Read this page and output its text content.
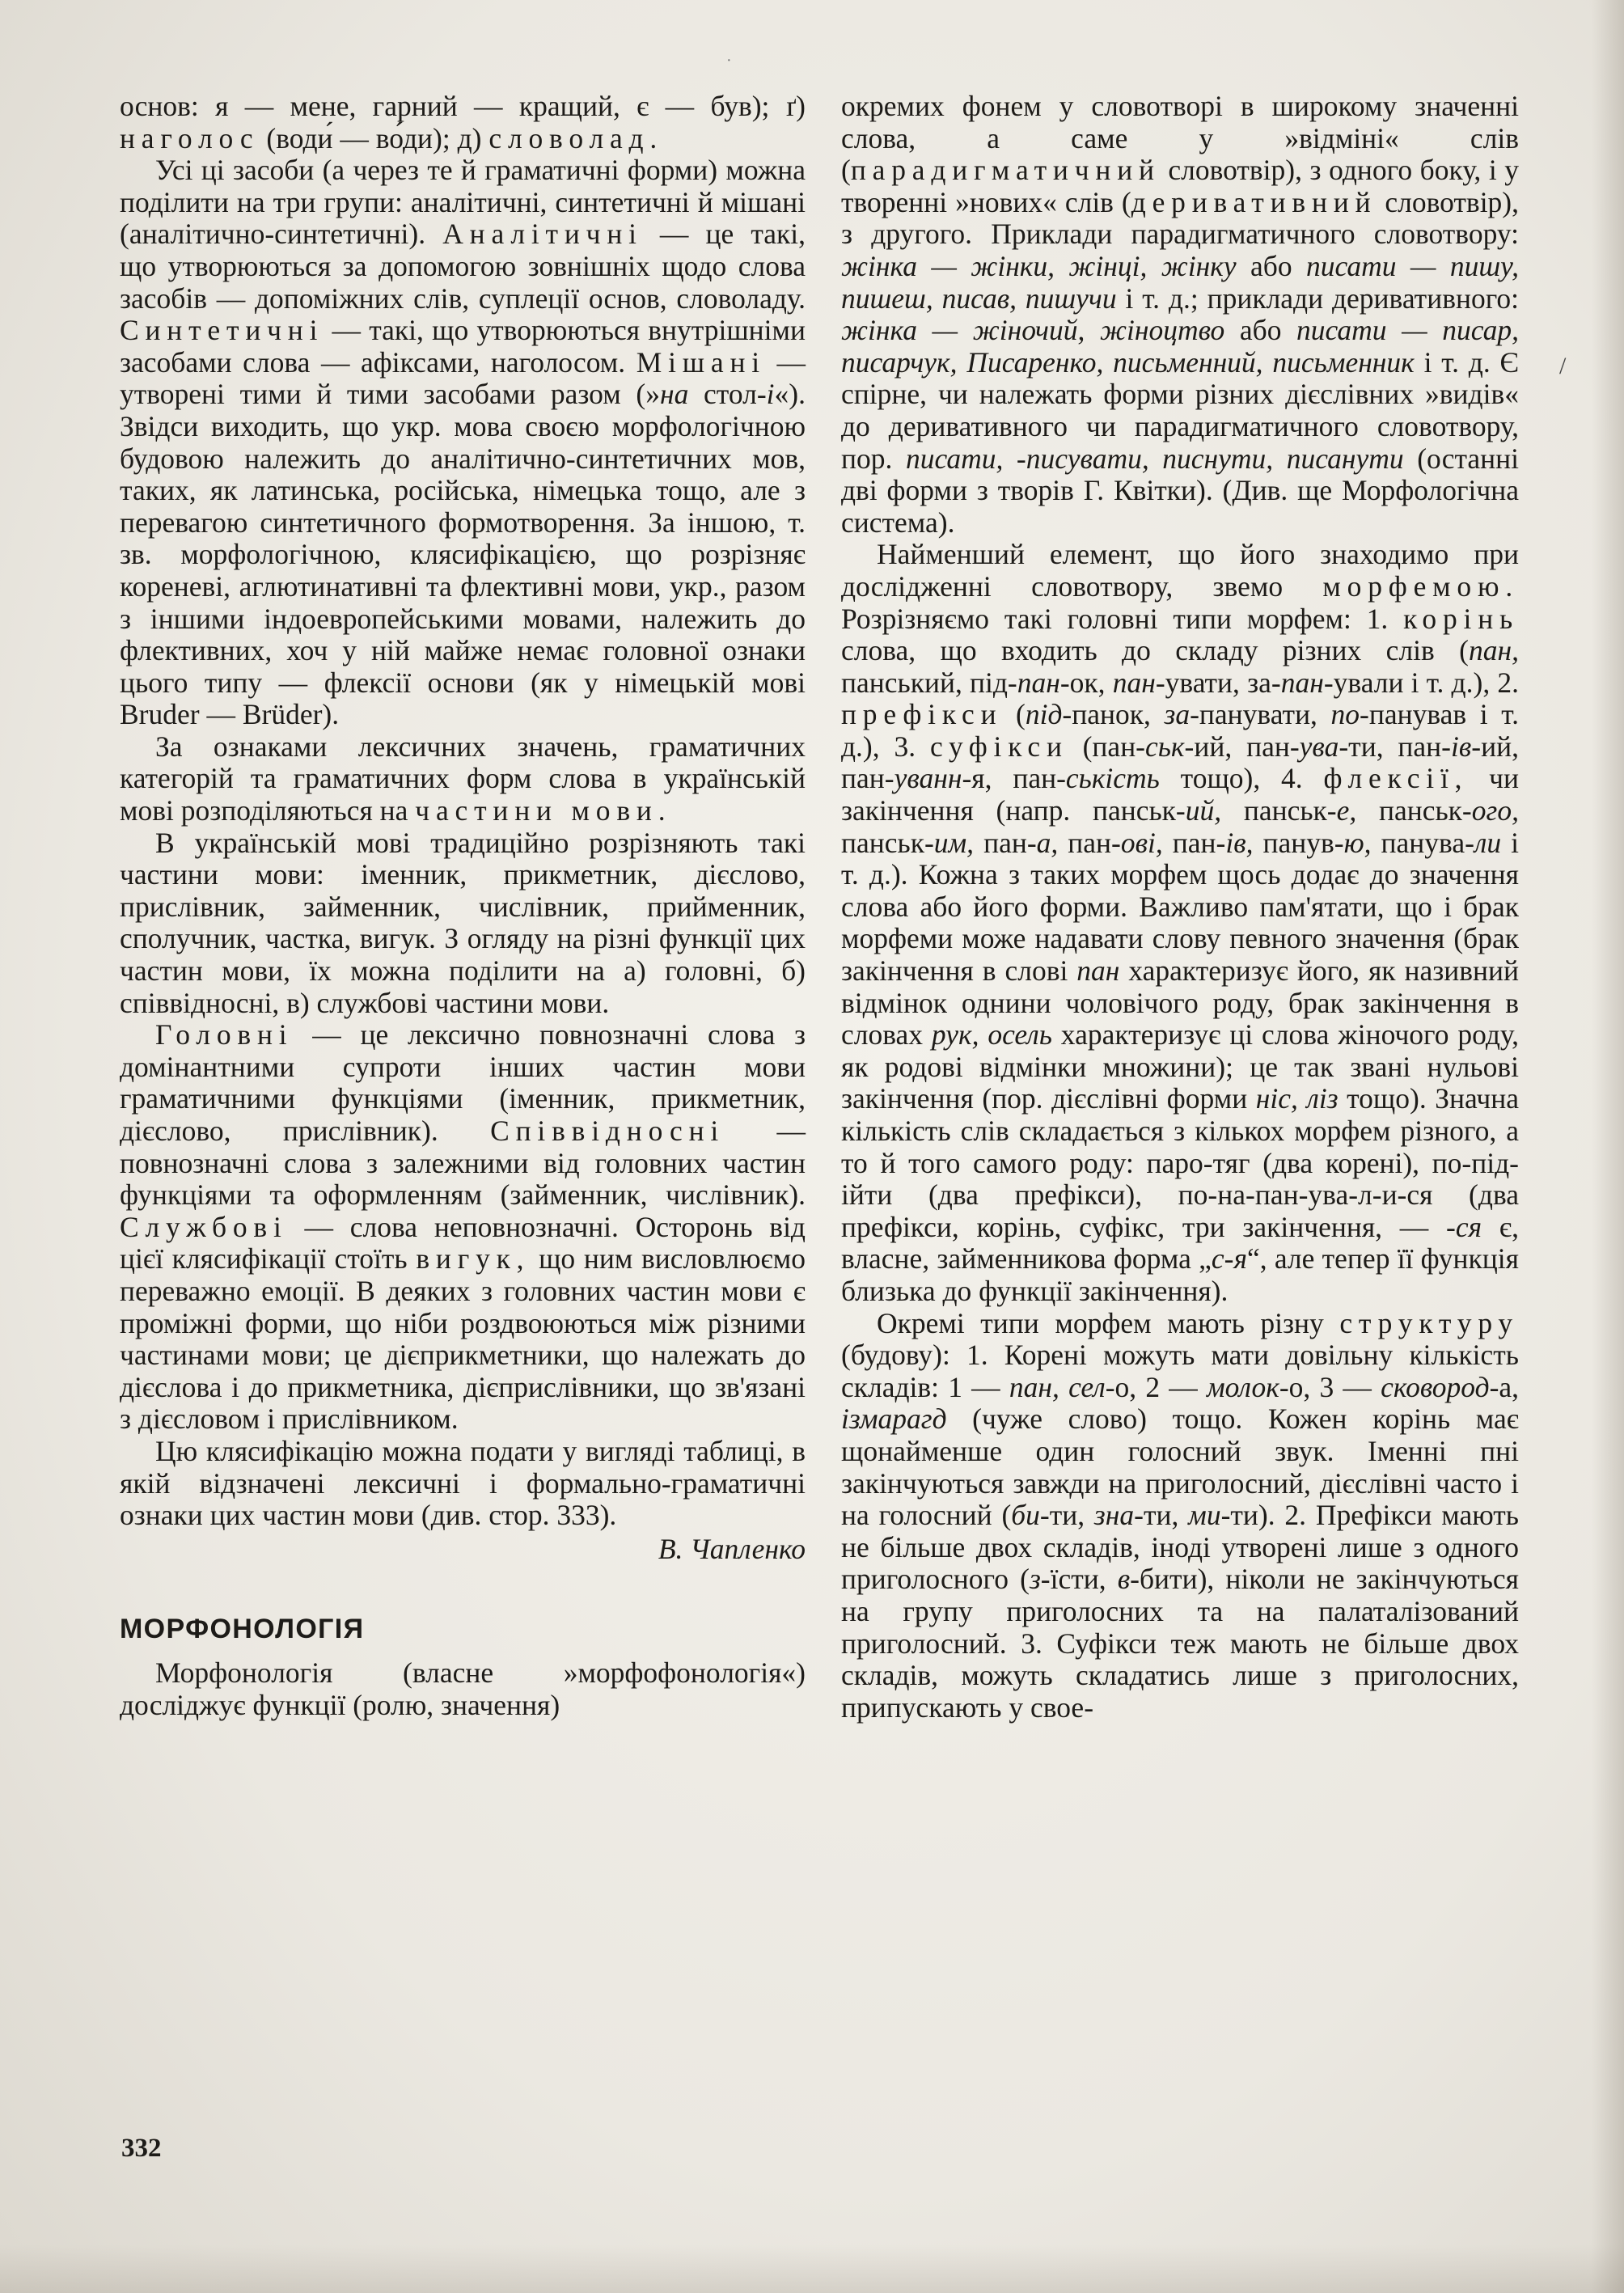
·

основ: я — мене, гарний — кращий, є — був); ґ) наголос (води́ — во́ди); д) словолад.

Усі ці засоби (а через те й граматичні форми) можна поділити на три групи: аналітичні, синтетичні й мішані (аналітично-синтетичні). Аналітичні — це такі, що утворюються за допомогою зовнішніх щодо слова засобів — допоміжних слів, суплеції основ, словоладу. Синтетичні — такі, що утворюються внутрішніми засобами слова — афіксами, наголосом. Мішані — утворені тими й тими засобами разом (»на стол-і«). Звідси виходить, що укр. мова своєю морфологічною будовою належить до аналітично-синтетичних мов, таких, як латинська, російська, німецька тощо, але з перевагою синтетичного формотворення. За іншою, т. зв. морфологічною, клясифікацією, що розрізняє кореневі, аглютинативні та флективні мови, укр., разом з іншими індоевропейськими мовами, належить до флективних, хоч у ній майже немає головної ознаки цього типу — флексії основи (як у німецькій мові Bruder — Brüder).

За ознаками лексичних значень, граматичних категорій та граматичних форм слова в українській мові розподіляються на частини мови.

В українській мові традиційно розрізняють такі частини мови: іменник, прикметник, дієслово, прислівник, займенник, числівник, прийменник, сполучник, частка, вигук. З огляду на різні функції цих частин мови, їх можна поділити на а) головні, б) співвідносні, в) службові частини мови.

Головні — це лексично повнозначні слова з домінантними супроти інших частин мови граматичними функціями (іменник, прикметник, дієслово, прислівник). Співвідносні — повнозначні слова з залежними від головних частин функціями та оформленням (займенник, числівник). Службові — слова неповнозначні. Осторонь від цієї клясифікації стоїть вигук, що ним висловлюємо переважно емоції. В деяких з головних частин мови є проміжні форми, що ніби роздвоюються між різними частинами мови; це дієприкметники, що належать до дієслова і до прикметника, дієприслівники, що зв'язані з дієсловом і прислівником.

Цю клясифікацію можна подати у вигляді таблиці, в якій відзначені лексичні і формально-граматичні ознаки цих частин мови (див. стор. 333).

В. Чапленко
МОРФОНОЛОГІЯ

Морфонологія (власне »морфофонологія«) досліджує функції (ролю, значення)

окремих фонем у словотворі в широкому значенні слова, а саме у »відміні« слів (парадигматичний словотвір), з одного боку, і у творенні »нових« слів (деривативний словотвір), з другого. Приклади парадигматичного словотвору: жінка — жінки, жінці, жінку або писати — пишу, пишеш, писав, пишучи і т. д.; приклади деривативного: жінка — жіночий, жіноцтво або писати — писар, писарчук, Писаренко, письменний, письменник і т. д. Є спірне, чи належать форми різних дієслівних »видів« до деривативного чи парадигматичного словотвору, пор. писати, -писувати, писнути, писанути (останні дві форми з творів Г. Квітки). (Див. ще Морфологічна система).

Найменший елемент, що його знаходимо при дослідженні словотвору, звемо морфемою. Розрізняємо такі головні типи морфем: 1. корінь слова, що входить до складу різних слів (пан, панський, під-пан-ок, пан-увати, за-пан-ували і т. д.), 2. префікси (під-панок, за-панувати, по-панував і т. д.), 3. суфікси (пан-ськ-ий, пан-ува-ти, пан-ів-ий, пан-уванн-я, пан-ськість тощо), 4. флексії, чи закінчення (напр. панськ-ий, панськ-е, панськ-ого, панськ-им, пан-а, пан-ові, пан-ів, панув-ю, панува-ли і т. д.). Кожна з таких морфем щось додає до значення слова або його форми. Важливо пам'ятати, що і брак морфеми може надавати слову певного значення (брак закінчення в слові пан характеризує його, як називний відмінок однини чоловічого роду, брак закінчення в словах рук, осель характеризує ці слова жіночого роду, як родові відмінки множини); це так звані нульові закінчення (пор. дієслівні форми ніс, ліз тощо). Значна кількість слів складається з кількох морфем різного, а то й того самого роду: паро-тяг (два корені), по-під-ійти (два префікси), по-на-пан-ува-л-и-ся (два префікси, корінь, суфікс, три закінчення, — -ся є, власне, займенникова форма „с-я“, але тепер її функція близька до функції закінчення).

Окремі типи морфем мають різну структуру (будову): 1. Корені можуть мати довільну кількість складів: 1 — пан, сел-о, 2 — молок-о, 3 — сковород-а, ізмарагд (чуже слово) тощо. Кожен корінь має щонайменше один голосний звук. Іменні пні закінчуються завжди на приголосний, дієслівні часто і на голосний (би-ти, зна-ти, ми-ти). 2. Префікси мають не більше двох складів, іноді утворені лише з одного приголосного (з-їсти, в-бити), ніколи не закінчуються на групу приголосних та на палаталізований приголосний. 3. Суфікси теж мають не більше двох складів, можуть складатись лише з приголосних, припускають у свое-

/
332
